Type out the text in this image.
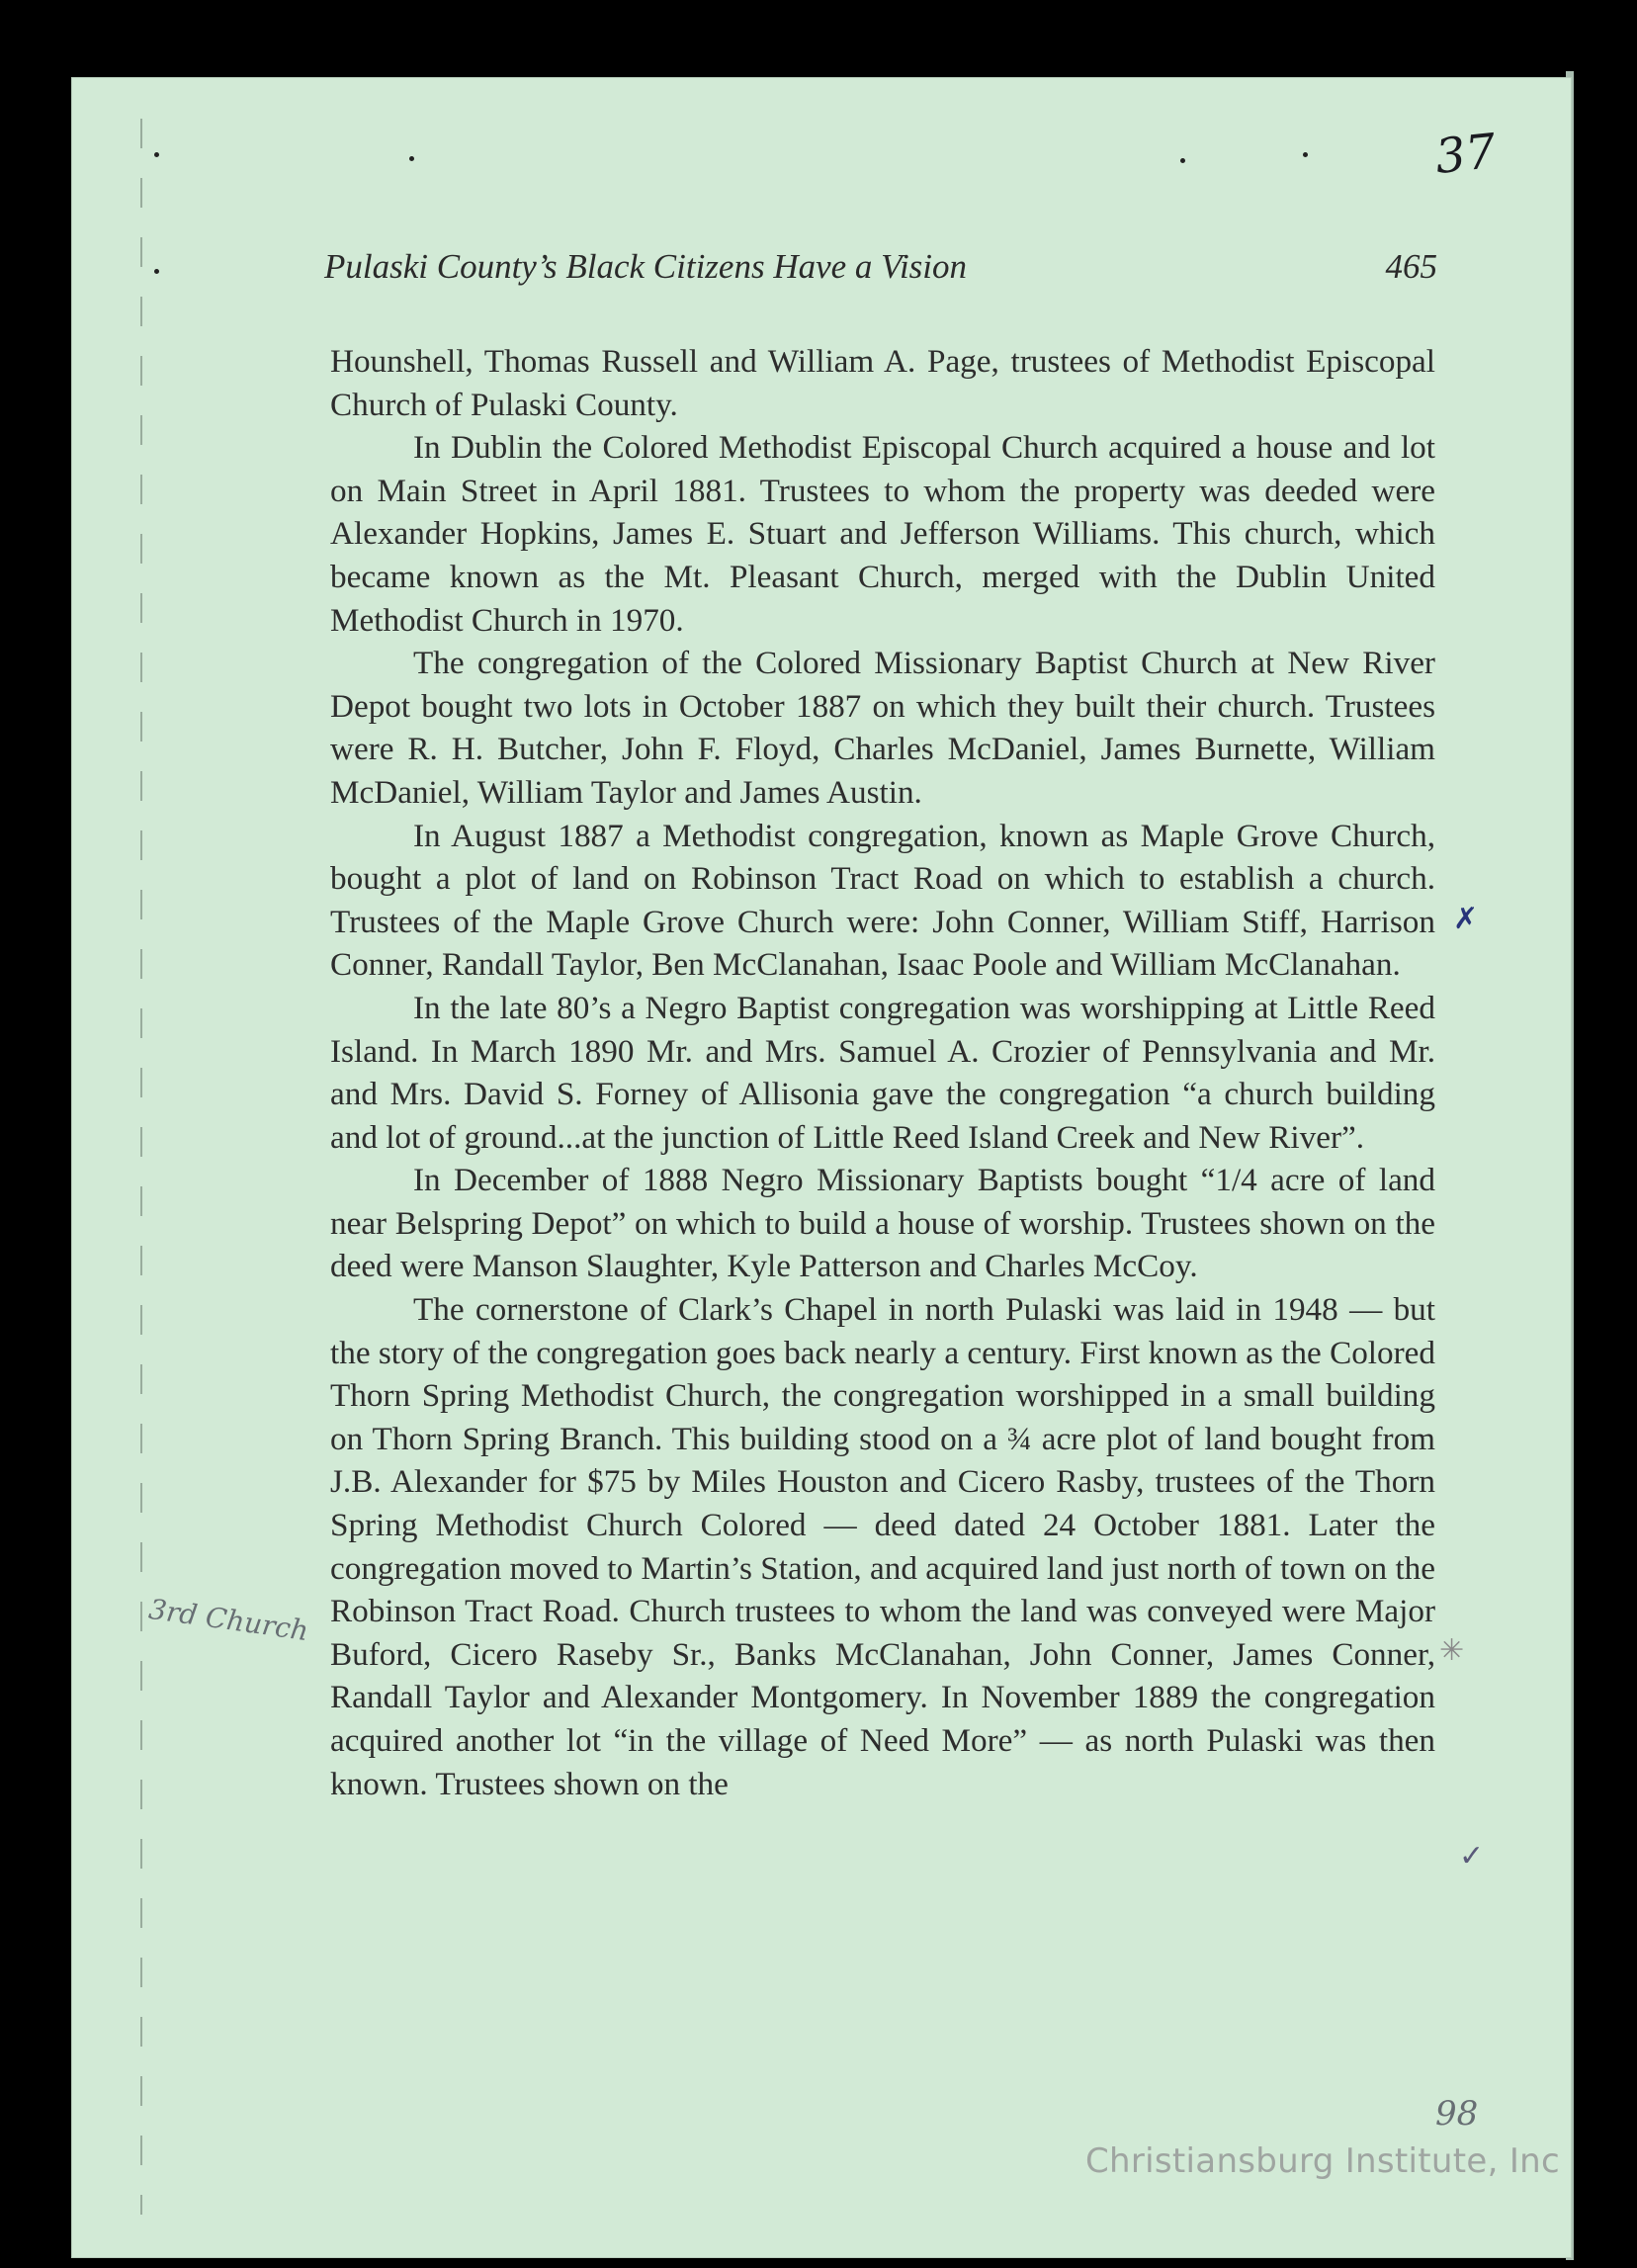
37
Pulaski County’s Black Citizens Have a Vision	465

Hounshell, Thomas Russell and William A. Page, trustees of Methodist Episcopal Church of Pulaski County.

In Dublin the Colored Methodist Episcopal Church acquired a house and lot on Main Street in April 1881. Trustees to whom the property was deeded were Alexander Hopkins, James E. Stuart and Jefferson Williams. This church, which became known as the Mt. Pleasant Church, merged with the Dublin United Methodist Church in 1970.

The congregation of the Colored Missionary Baptist Church at New River Depot bought two lots in October 1887 on which they built their church. Trustees were R. H. Butcher, John F. Floyd, Charles McDaniel, James Burnette, William McDaniel, William Taylor and James Austin.

In August 1887 a Methodist congregation, known as Maple Grove Church, bought a plot of land on Robinson Tract Road on which to establish a church. Trustees of the Maple Grove Church were: John Conner, William Stiff, Harrison Conner, Randall Taylor, Ben McClanahan, Isaac Poole and William McClanahan.

In the late 80’s a Negro Baptist congregation was worshipping at Little Reed Island. In March 1890 Mr. and Mrs. Samuel A. Crozier of Pennsylvania and Mr. and Mrs. David S. Forney of Allisonia gave the congregation “a church building and lot of ground...at the junction of Little Reed Island Creek and New River”.

In December of 1888 Negro Missionary Baptists bought “1/4 acre of land near Belspring Depot” on which to build a house of worship. Trustees shown on the deed were Manson Slaughter, Kyle Patterson and Charles McCoy.

The cornerstone of Clark’s Chapel in north Pulaski was laid in 1948 — but the story of the congregation goes back nearly a century. First known as the Colored Thorn Spring Methodist Church, the congregation worshipped in a small building on Thorn Spring Branch. This building stood on a ¾ acre plot of land bought from J.B. Alexander for $75 by Miles Houston and Cicero Rasby, trustees of the Thorn Spring Methodist Church Colored — deed dated 24 October 1881. Later the congregation moved to Martin’s Station, and acquired land just north of town on the Robinson Tract Road. Church trustees to whom the land was conveyed were Major Buford, Cicero Raseby Sr., Banks McClanahan, John Conner, James Conner, Randall Taylor and Alexander Montgomery. In November 1889 the congregation acquired another lot “in the village of Need More” — as north Pulaski was then known. Trustees shown on the

3rd Church
98
✗
✳
✓
Christiansburg Institute, Inc
